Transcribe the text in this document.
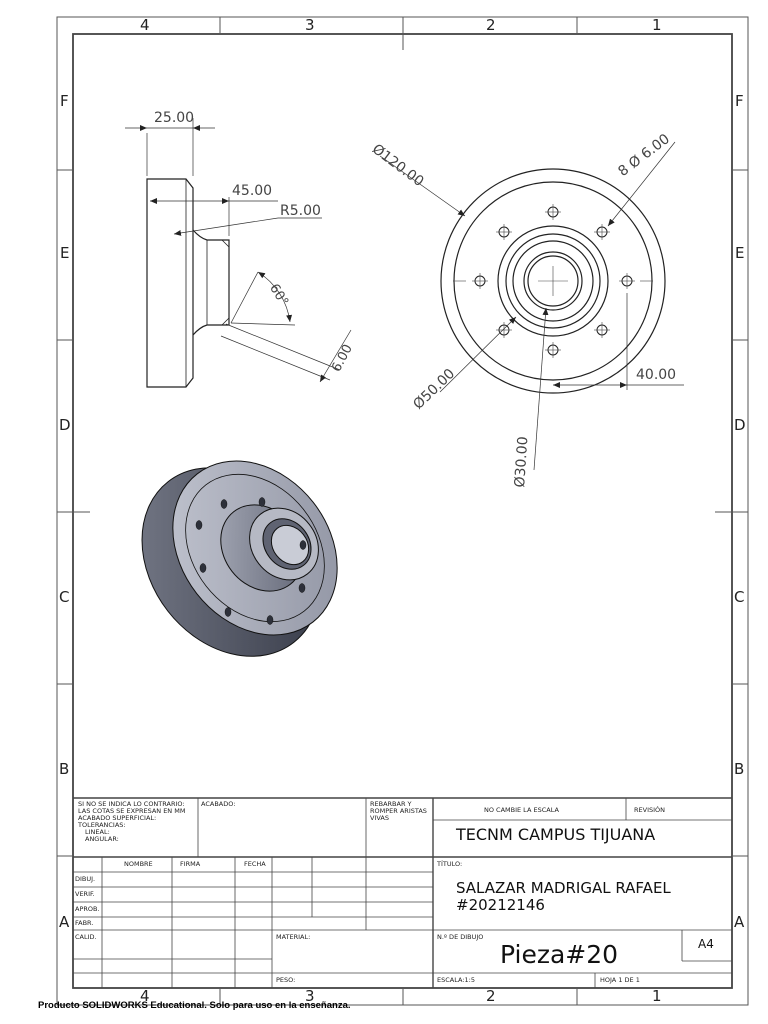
4	3	2	1
4	3	2	1
F
E
D
C
B
A
F
E
D
C
B
A
25.00
45.00
R5.00
60°
6.00
Ø120.00	8 Ø 6.00
Ø50.00	40.00
Ø30.00
SI NO SE INDICA LO CONTRARIO:
LAS COTAS SE EXPRESAN EN MM
ACABADO SUPERFICIAL:
TOLERANCIAS:
LINEAL:
ANGULAR:
ACABADO:	REBARBAR Y
ROMPER ARISTAS
VIVAS
NO CAMBIE LA ESCALA	REVISIÓN
TECNM CAMPUS TIJUANA
NOMBRE	FIRMA	FECHA
DIBUJ.
VERIF.
APROB.
FABR.
CALID.
TÍTULO:
SALAZAR MADRIGAL RAFAEL
#20212146
MATERIAL:	N.º DE DIBUJO
Pieza#20	A4
PESO:	ESCALA:1:5	HOJA 1 DE 1
Producto SOLIDWORKS Educational. Solo para uso en la enseñanza.
